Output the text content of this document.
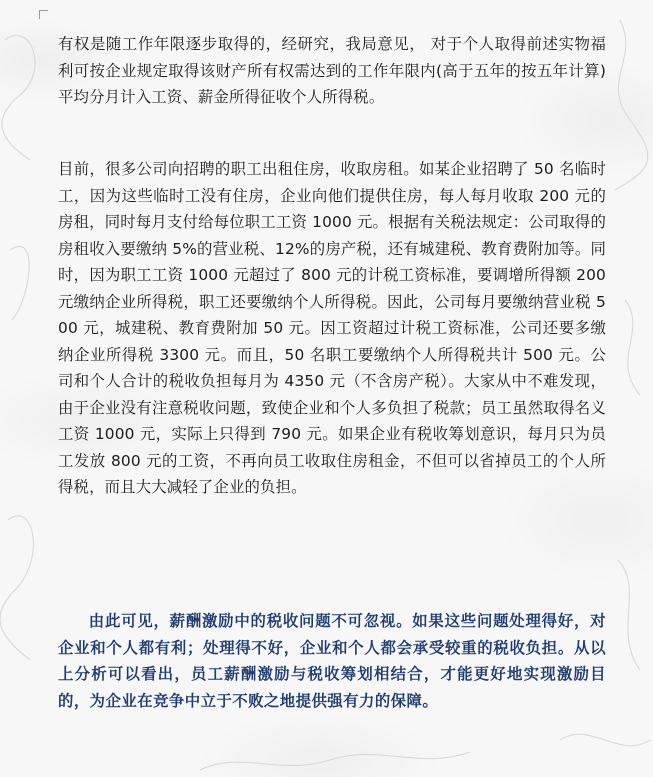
有权是随工作年限逐步取得的，经研究，我局意见， 对于个人取得前述实物福利可按企业规定取得该财产所有权需达到的工作年限内(高于五年的按五年计算) 平均分月计入工资、薪金所得征收个人所得税。

目前，很多公司向招聘的职工出租住房，收取房租。如某企业招聘了 50 名临时工，因为这些临时工没有住房，企业向他们提供住房，每人每月收取 200 元的房租，同时每月支付给每位职工工资 1000 元。根据有关税法规定：公司取得的房租收入要缴纳 5%的营业税、12%的房产税，还有城建税、教育费附加等。同时，因为职工工资 1000 元超过了 800 元的计税工资标准，要调增所得额 200 元缴纳企业所得税，职工还要缴纳个人所得税。因此，公司每月要缴纳营业税 500 元，城建税、教育费附加 50 元。因工资超过计税工资标准，公司还要多缴纳企业所得税 3300 元。而且，50 名职工要缴纳个人所得税共计 500 元。公司和个人合计的税收负担每月为 4350 元（不含房产税）。大家从中不难发现，由于企业没有注意税收问题，致使企业和个人多负担了税款；员工虽然取得名义工资 1000 元，实际上只得到 790 元。如果企业有税收筹划意识，每月只为员工发放 800 元的工资，不再向员工收取住房租金，不但可以省掉员工的个人所得税，而且大大减轻了企业的负担。

由此可见，薪酬激励中的税收问题不可忽视。如果这些问题处理得好，对企业和个人都有利；处理得不好，企业和个人都会承受较重的税收负担。从以上分析可以看出，员工薪酬激励与税收筹划相结合，才能更好地实现激励目的，为企业在竞争中立于不败之地提供强有力的保障。
